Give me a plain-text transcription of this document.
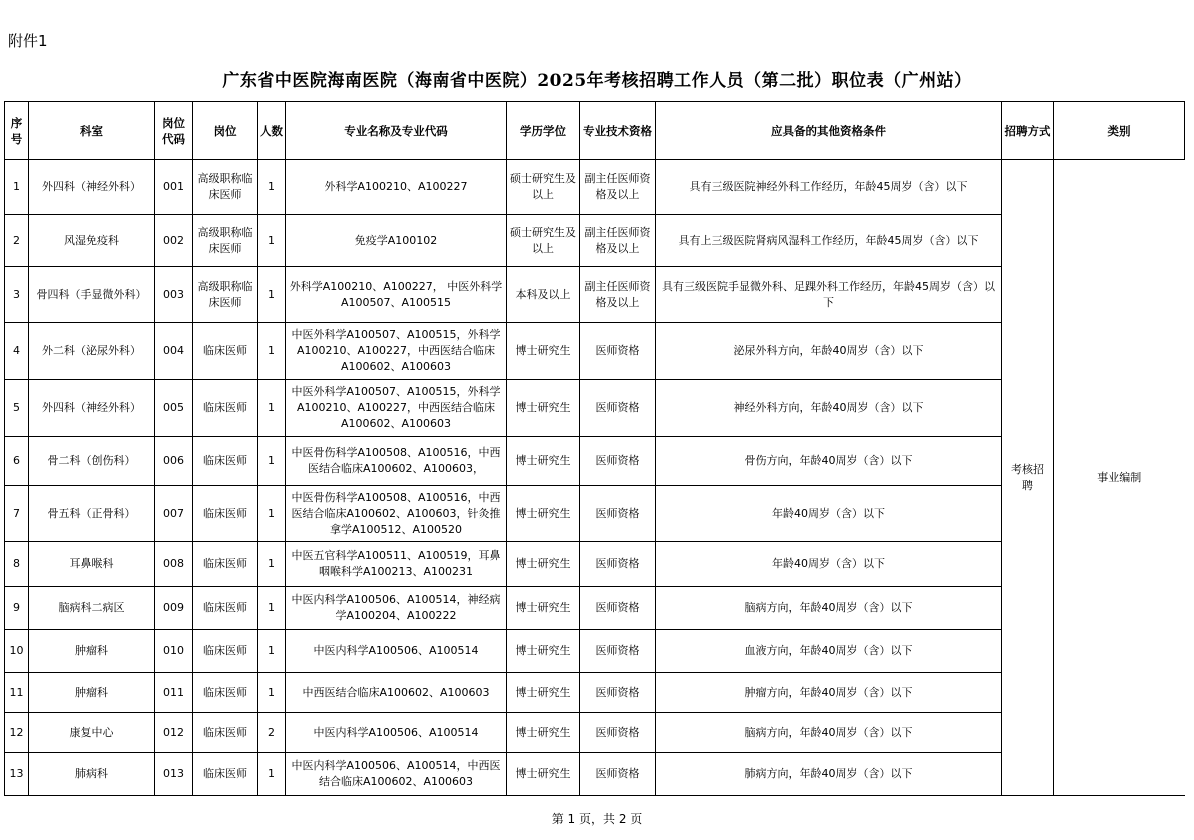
附件1
广东省中医院海南医院（海南省中医院）2025年考核招聘工作人员（第二批）职位表（广州站）
序号	科室	岗位代码	岗位	人数	专业名称及专业代码	学历学位	专业技术资格	应具备的其他资格条件	招聘方式	类别
1	外四科（神经外科）	001	高级职称临床医师	1	外科学A100210、A100227	硕士研究生及以上	副主任医师资格及以上	具有三级医院神经外科工作经历，年龄45周岁（含）以下	考核招聘	事业编制
2	风湿免疫科	002	高级职称临床医师	1	免疫学A100102	硕士研究生及以上	副主任医师资格及以上	具有上三级医院肾病风湿科工作经历，年龄45周岁（含）以下		
3	骨四科（手显微外科）	003	高级职称临床医师	1	外科学A100210、A100227， 中医外科学A100507、A100515	本科及以上	副主任医师资格及以上	具有三级医院手显微外科、足踝外科工作经历，年龄45周岁（含）以下		
4	外二科（泌尿外科）	004	临床医师	1	中医外科学A100507、A100515，外科学A100210、A100227，中西医结合临床A100602、A100603	博士研究生	医师资格	泌尿外科方向，年龄40周岁（含）以下		
5	外四科（神经外科）	005	临床医师	1	中医外科学A100507、A100515，外科学A100210、A100227，中西医结合临床A100602、A100603	博士研究生	医师资格	神经外科方向，年龄40周岁（含）以下		
6	骨二科（创伤科）	006	临床医师	1	中医骨伤科学A100508、A100516，中西医结合临床A100602、A100603，	博士研究生	医师资格	骨伤方向，年龄40周岁（含）以下		
7	骨五科（正骨科）	007	临床医师	1	中医骨伤科学A100508、A100516，中西医结合临床A100602、A100603，针灸推拿学A100512、A100520	博士研究生	医师资格	年龄40周岁（含）以下		
8	耳鼻喉科	008	临床医师	1	中医五官科学A100511、A100519，耳鼻咽喉科学A100213、A100231	博士研究生	医师资格	年龄40周岁（含）以下		
9	脑病科二病区	009	临床医师	1	中医内科学A100506、A100514，神经病学A100204、A100222	博士研究生	医师资格	脑病方向，年龄40周岁（含）以下		
10	肿瘤科	010	临床医师	1	中医内科学A100506、A100514	博士研究生	医师资格	血液方向，年龄40周岁（含）以下		
11	肿瘤科	011	临床医师	1	中西医结合临床A100602、A100603	博士研究生	医师资格	肿瘤方向，年龄40周岁（含）以下		
12	康复中心	012	临床医师	2	中医内科学A100506、A100514	博士研究生	医师资格	脑病方向，年龄40周岁（含）以下		
13	肺病科	013	临床医师	1	中医内科学A100506、A100514，中西医结合临床A100602、A100603	博士研究生	医师资格	肺病方向，年龄40周岁（含）以下		
第 1 页，共 2 页
